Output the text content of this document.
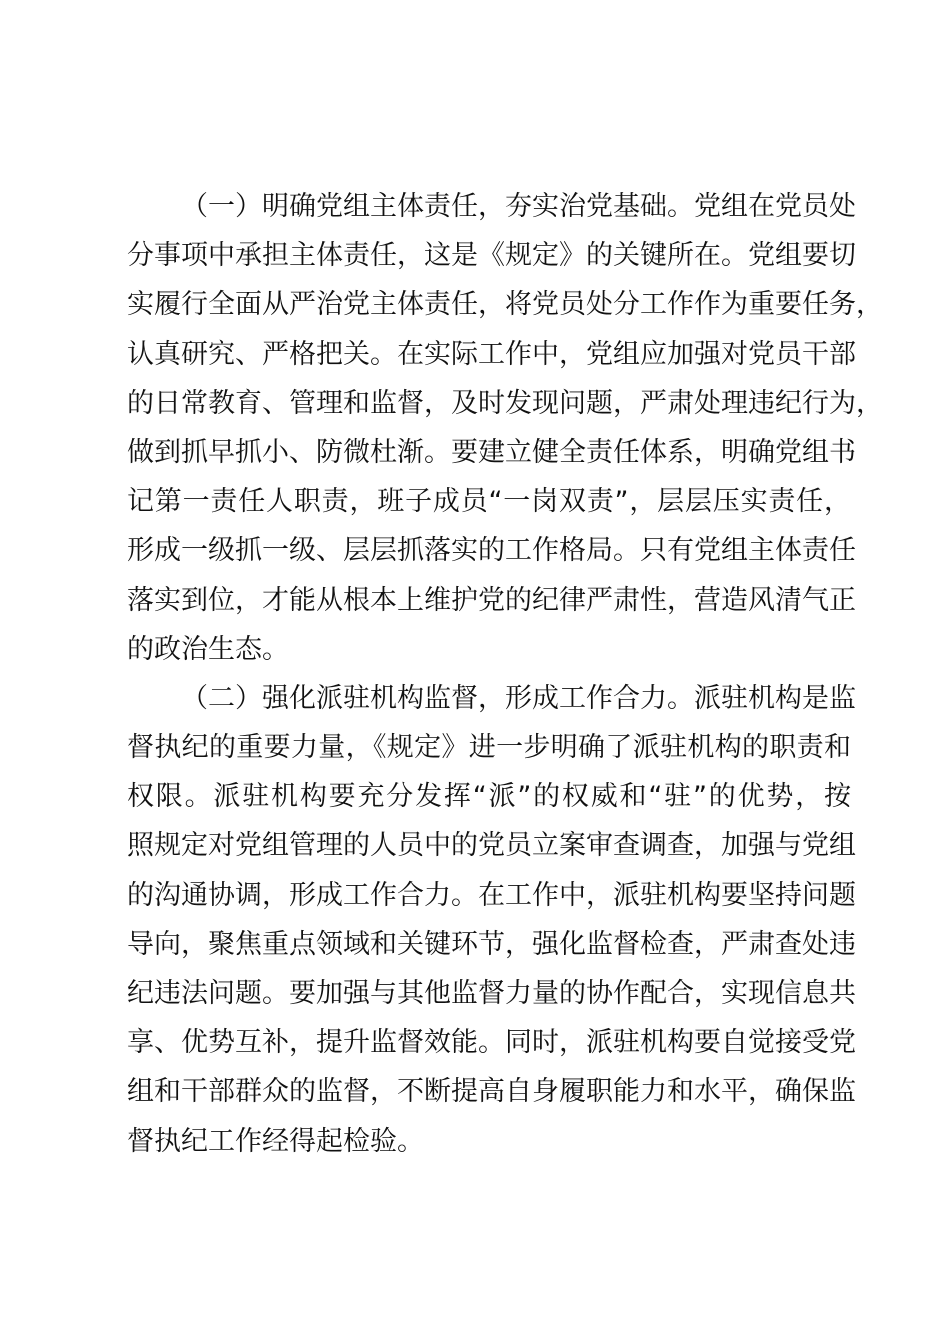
（一）明确党组主体责任，夯实治党基础。党组在党员处
分事项中承担主体责任，这是《规定》的关键所在。党组要切
实履行全面从严治党主体责任，将党员处分工作作为重要任务，
认真研究、严格把关。在实际工作中，党组应加强对党员干部
的日常教育、管理和监督，及时发现问题，严肃处理违纪行为，
做到抓早抓小、防微杜渐。要建立健全责任体系，明确党组书
记第一责任人职责，班子成员“一岗双责”，层层压实责任，
形成一级抓一级、层层抓落实的工作格局。只有党组主体责任
落实到位，才能从根本上维护党的纪律严肃性，营造风清气正
的政治生态。
（二）强化派驻机构监督，形成工作合力。派驻机构是监
督执纪的重要力量，《规定》进一步明确了派驻机构的职责和
权限。派驻机构要充分发挥“派”的权威和“驻”的优势，按
照规定对党组管理的人员中的党员立案审查调查，加强与党组
的沟通协调，形成工作合力。在工作中，派驻机构要坚持问题
导向，聚焦重点领域和关键环节，强化监督检查，严肃查处违
纪违法问题。要加强与其他监督力量的协作配合，实现信息共
享、优势互补，提升监督效能。同时，派驻机构要自觉接受党
组和干部群众的监督，不断提高自身履职能力和水平，确保监
督执纪工作经得起检验。
